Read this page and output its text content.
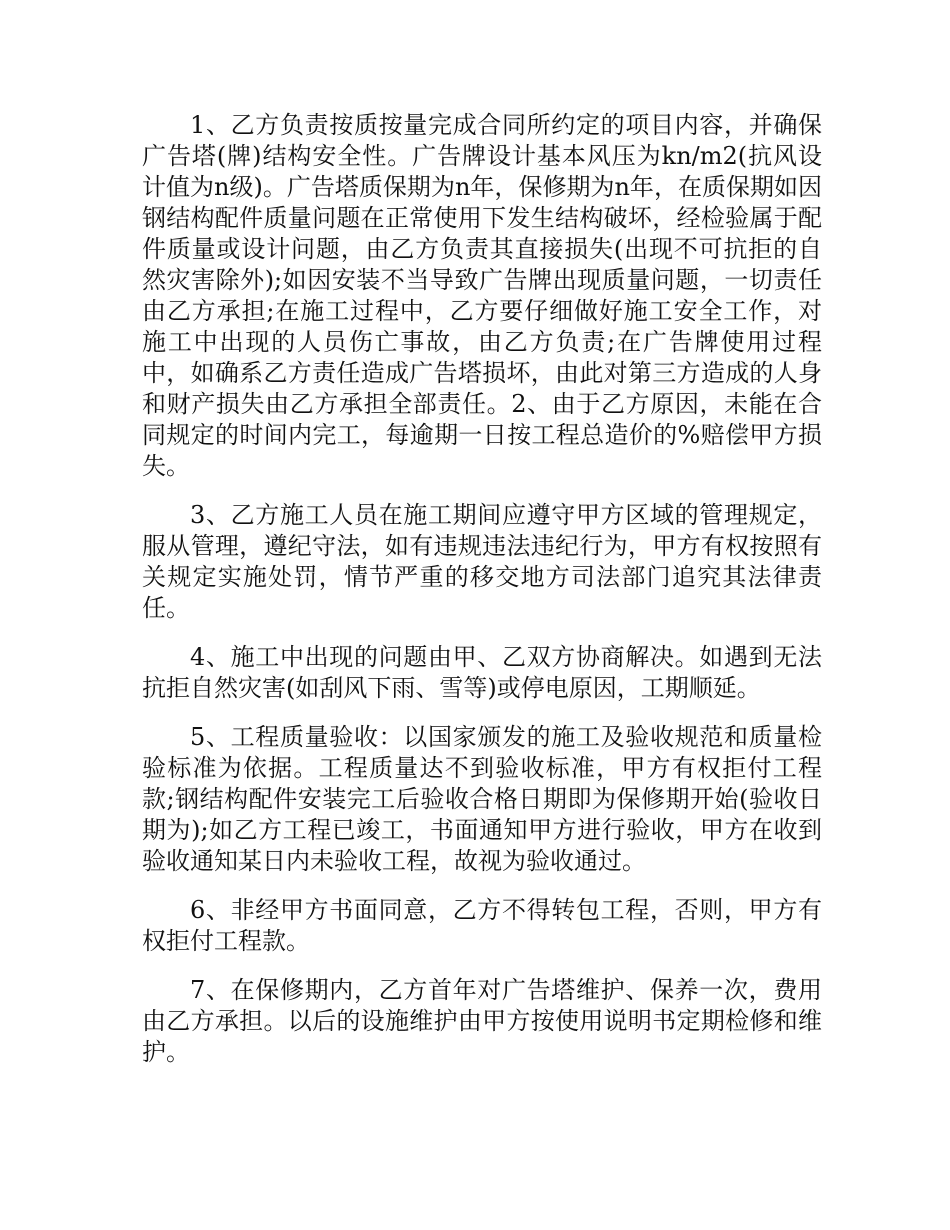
1、乙方负责按质按量完成合同所约定的项目内容，并确保广告塔(牌)结构安全性。广告牌设计基本风压为kn/m2(抗风设计值为n级)。广告塔质保期为n年，保修期为n年，在质保期如因钢结构配件质量问题在正常使用下发生结构破坏，经检验属于配件质量或设计问题，由乙方负责其直接损失(出现不可抗拒的自然灾害除外);如因安装不当导致广告牌出现质量问题，一切责任由乙方承担;在施工过程中，乙方要仔细做好施工安全工作，对施工中出现的人员伤亡事故，由乙方负责;在广告牌使用过程中，如确系乙方责任造成广告塔损坏，由此对第三方造成的人身和财产损失由乙方承担全部责任。2、由于乙方原因，未能在合同规定的时间内完工，每逾期一日按工程总造价的%赔偿甲方损失。

3、乙方施工人员在施工期间应遵守甲方区域的管理规定，服从管理，遵纪守法，如有违规违法违纪行为，甲方有权按照有关规定实施处罚，情节严重的移交地方司法部门追究其法律责任。

4、施工中出现的问题由甲、乙双方协商解决。如遇到无法抗拒自然灾害(如刮风下雨、雪等)或停电原因，工期顺延。

5、工程质量验收：以国家颁发的施工及验收规范和质量检验标准为依据。工程质量达不到验收标准，甲方有权拒付工程款;钢结构配件安装完工后验收合格日期即为保修期开始(验收日期为);如乙方工程已竣工，书面通知甲方进行验收，甲方在收到验收通知某日内未验收工程，故视为验收通过。

6、非经甲方书面同意，乙方不得转包工程，否则，甲方有权拒付工程款。

7、在保修期内，乙方首年对广告塔维护、保养一次，费用由乙方承担。以后的设施维护由甲方按使用说明书定期检修和维护。
